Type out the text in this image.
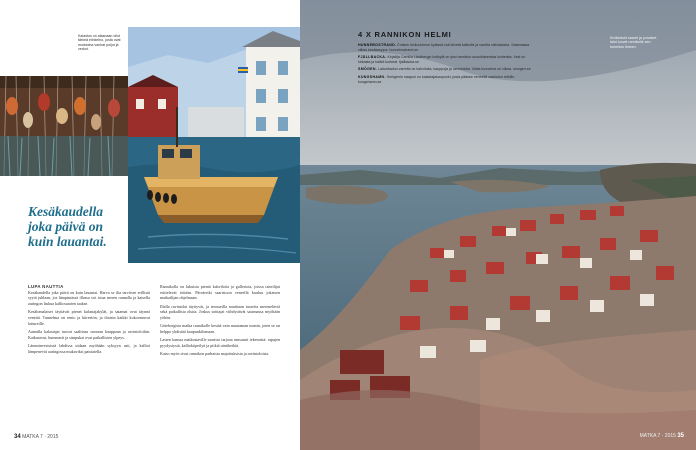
Kalastus on aikanaan ollut tärkeä elinkeino, josta ovat muistoina vanhat poijut ja verkot.
Kesäkaudella joka päivä on kuin lauantai.

LUPA NAUTTIA
Kesäkaudella joka päivä on kuin lauantai. Harva se ilta tarvitsee erillistä syytä juhlaan, jos lämpimässä illassa voi istua meren rannalla ja katsella auringon laskua kalliosaarten taakse.

Kesälomalaiset täyttävät pienet kalastajakylät, ja satamat ovat täynnä veneitä. Tunnelma on rento ja kiireetön, ja iltaisin kaikki kokoontuvat laitureille.

Aamulla kalastajat tuovat saaliinsa suoraan kauppaan ja ravintoloihin. Katkaravut, hummerit ja simpukat ovat paikallisten ylpeys.

Lämminvesisissä lahdissa uidaan myöhään syksyyn asti, ja kalliot lämpenevät auringossa mukaviksi paistatella.

Rannikolla on lukuisia pieniä kahviloita ja galleriota, joissa taiteilijat esittelevät töitään. Päiväretki saaristoon veneellä kuuluu jokaisen matkailijan ohjelmaan.

Illalla ravintolat täyttyvät, ja terasseilla nautitaan tuoreita mereneläviä sekä paikallisia oluita. Joskus soittajat viihdyttävät satamassa myöhään yöhön.

Göteborgista matka rannikolle kestää vain muutaman tunnin, joten se on helppo yhdistää kaupunkilomaan.

Lasten kanssa matkustaville saaristo tarjoaa runsaasti tekemistä: rapujen pyydystystä, kalliokiipeilyä ja pitkiä uintihetkiä.

Katso myös sivut rannikon parhaista majoituksista ja ravintoloista.

34 MATKA 7 · 2015
4 X RANNIKON HELMI
HUNNEBOSTRAND. Entisen kivilouhimon kylässä voit kiivetä kallioille ja nauttia näköaloista. Satamassa vilkas kesäkauppa. hunnebostrand.se
FJÄLLBACKA. Kirjailija Camilla Läckbergin kotikylä on yksi rannikon suosituimmista kohteista. Vesi on kirkasta ja kalliot korkeat. fjallbacka.se
SMÖGEN. Laiturikadun varrella on kahviloita, kauppoja ja ravintoloita. Illalla tunnelma on vilkas. smogen.se
KUNGSHAMN. Smögenin naapuri on kalastajakaupunki, josta pääsee veneellä saariston retkille. kungshamn.se
Kivikkoiset saaret ja punaiset talot luovat rannikolle sen tunnetun ilmeen.
MATKA 7 · 2015 35
